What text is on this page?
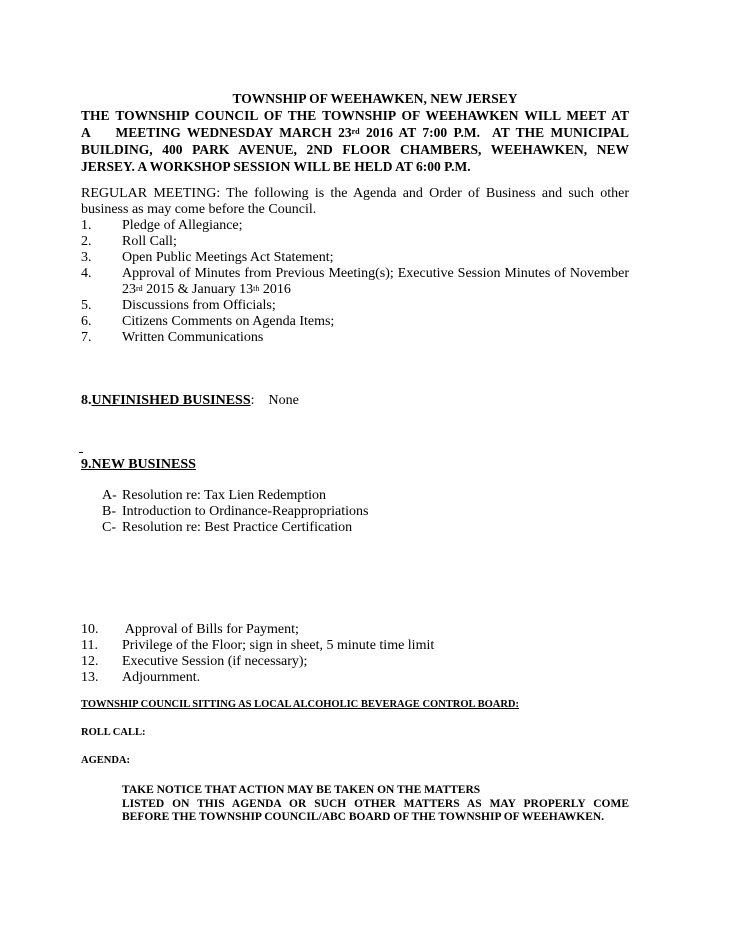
TOWNSHIP OF WEEHAWKEN, NEW JERSEY
THE TOWNSHIP COUNCIL OF THE TOWNSHIP OF WEEHAWKEN WILL MEET AT
A    MEETING WEDNESDAY MARCH 23rd 2016 AT 7:00 P.M.  AT THE MUNICIPAL
BUILDING, 400 PARK AVENUE, 2ND FLOOR CHAMBERS, WEEHAWKEN, NEW
JERSEY. A WORKSHOP SESSION WILL BE HELD AT 6:00 P.M.
REGULAR MEETING: The following is the Agenda and Order of Business and such other business as may come before the Council.
1.	Pledge of Allegiance;
2.	Roll Call;
3.	Open Public Meetings Act Statement;
4.	Approval of Minutes from Previous Meeting(s); Executive Session Minutes of November 23rd 2015 & January 13th 2016
5.	Discussions from Officials;
6.	Citizens Comments on Agenda Items;
7.	Written Communications
8.UNFINISHED BUSINESS: None
9.NEW BUSINESS
A- Resolution re: Tax Lien Redemption
B- Introduction to Ordinance-Reappropriations
C- Resolution re: Best Practice Certification
10.	Approval of Bills for Payment;
11.	Privilege of the Floor; sign in sheet, 5 minute time limit
12.	Executive Session (if necessary);
13.	Adjournment.
TOWNSHIP COUNCIL SITTING AS LOCAL ALCOHOLIC BEVERAGE CONTROL BOARD:
ROLL CALL:
AGENDA:
TAKE NOTICE THAT ACTION MAY BE TAKEN ON THE MATTERS
LISTED ON THIS AGENDA OR SUCH OTHER MATTERS AS MAY PROPERLY COME
BEFORE THE TOWNSHIP COUNCIL/ABC BOARD OF THE TOWNSHIP OF WEEHAWKEN.
